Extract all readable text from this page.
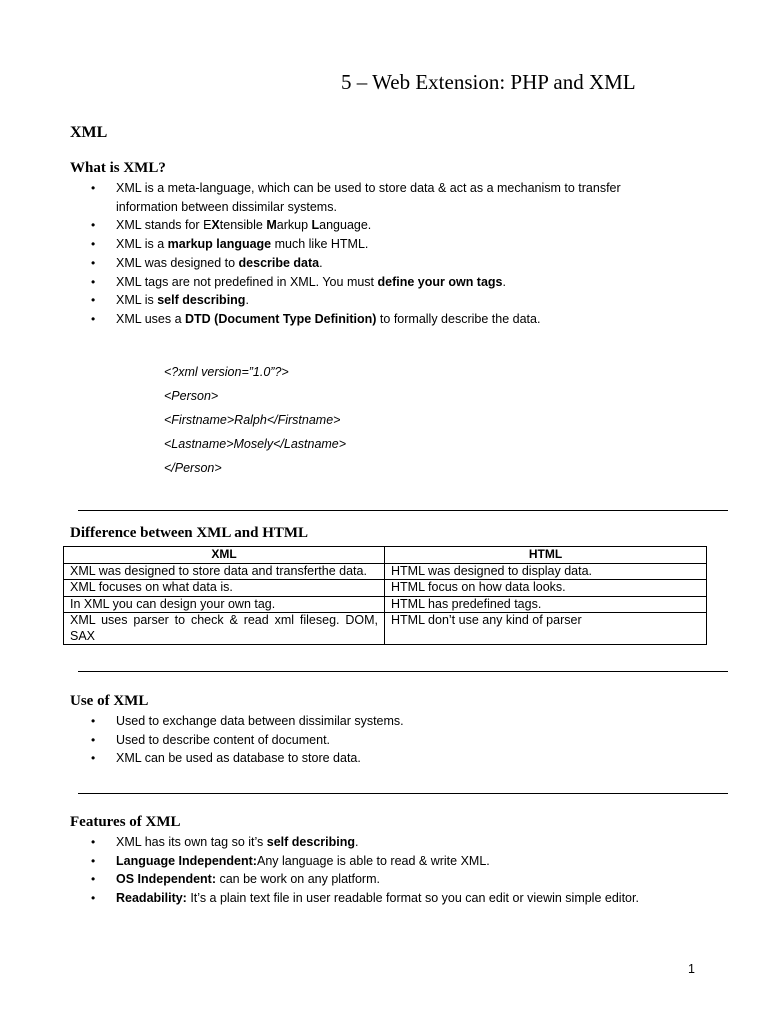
5 – Web Extension: PHP and XML
XML
What is XML?
• XML is a meta-language, which can be used to store data & act as a mechanism to transfer information between dissimilar systems.
• XML stands for EXtensible Markup Language.
• XML is a markup language much like HTML.
• XML was designed to describe data.
• XML tags are not predefined in XML. You must define your own tags.
• XML is self describing.
• XML uses a DTD (Document Type Definition) to formally describe the data.
<?xml version=”1.0”?>
<Person>
<Firstname>Ralph</Firstname>
<Lastname>Mosely</Lastname>
</Person>
Difference between XML and HTML
XML	HTML
XML was designed to store data and transferthe data.	HTML was designed to display data.
XML focuses on what data is.	HTML focus on how data looks.
In XML you can design your own tag.	HTML has predefined tags.
XML uses parser to check & read xml fileseg. DOM, SAX	HTML don’t use any kind of parser
Use of XML
• Used to exchange data between dissimilar systems.
• Used to describe content of document.
• XML can be used as database to store data.
Features of XML
• XML has its own tag so it’s self describing.
• Language Independent:Any language is able to read & write XML.
• OS Independent: can be work on any platform.
• Readability: It’s a plain text file in user readable format so you can edit or viewin simple editor.
1
